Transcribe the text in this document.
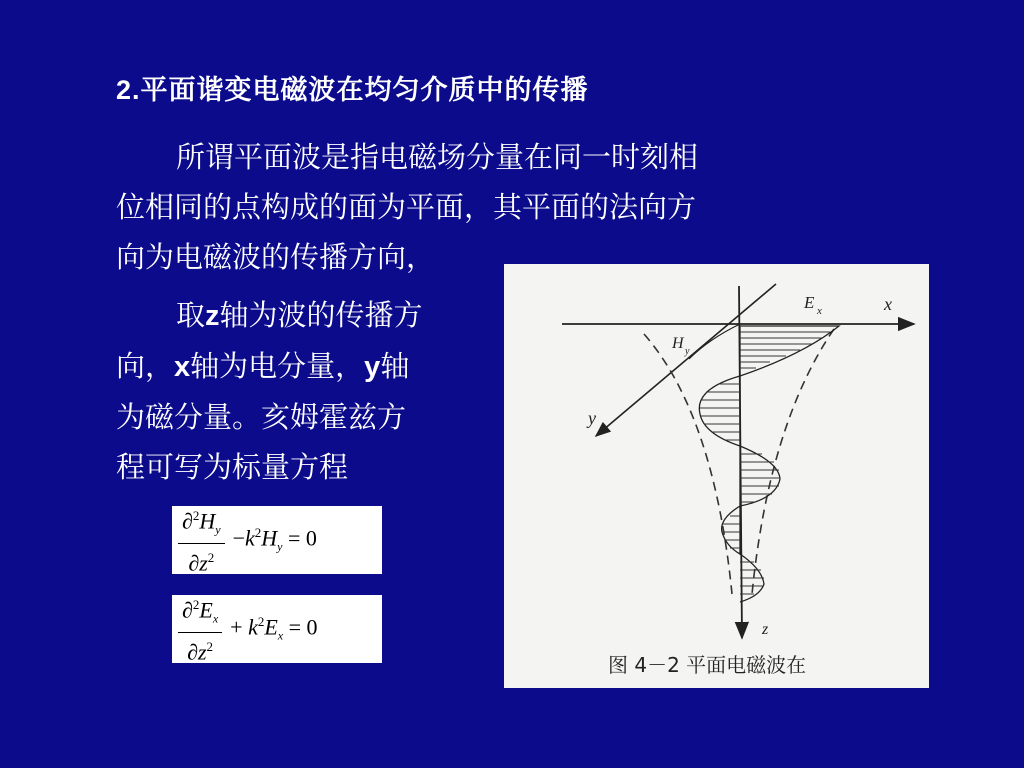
2.平面谐变电磁波在均匀介质中的传播
所谓平面波是指电磁场分量在同一时刻相
位相同的点构成的面为平面，其平面的法向方
向为电磁波的传播方向，
取z轴为波的传播方
向，x轴为电分量，y轴
为磁分量。亥姆霍兹方
程可写为标量方程
$\frac{\partial^2H_y}{\partial z^2} -k^2H_y = 0$
$\frac{\partial^2E_x}{\partial z^2} + k^2E_x = 0$
E x	x
H y
y
z
图 4－2 平面电磁波在
